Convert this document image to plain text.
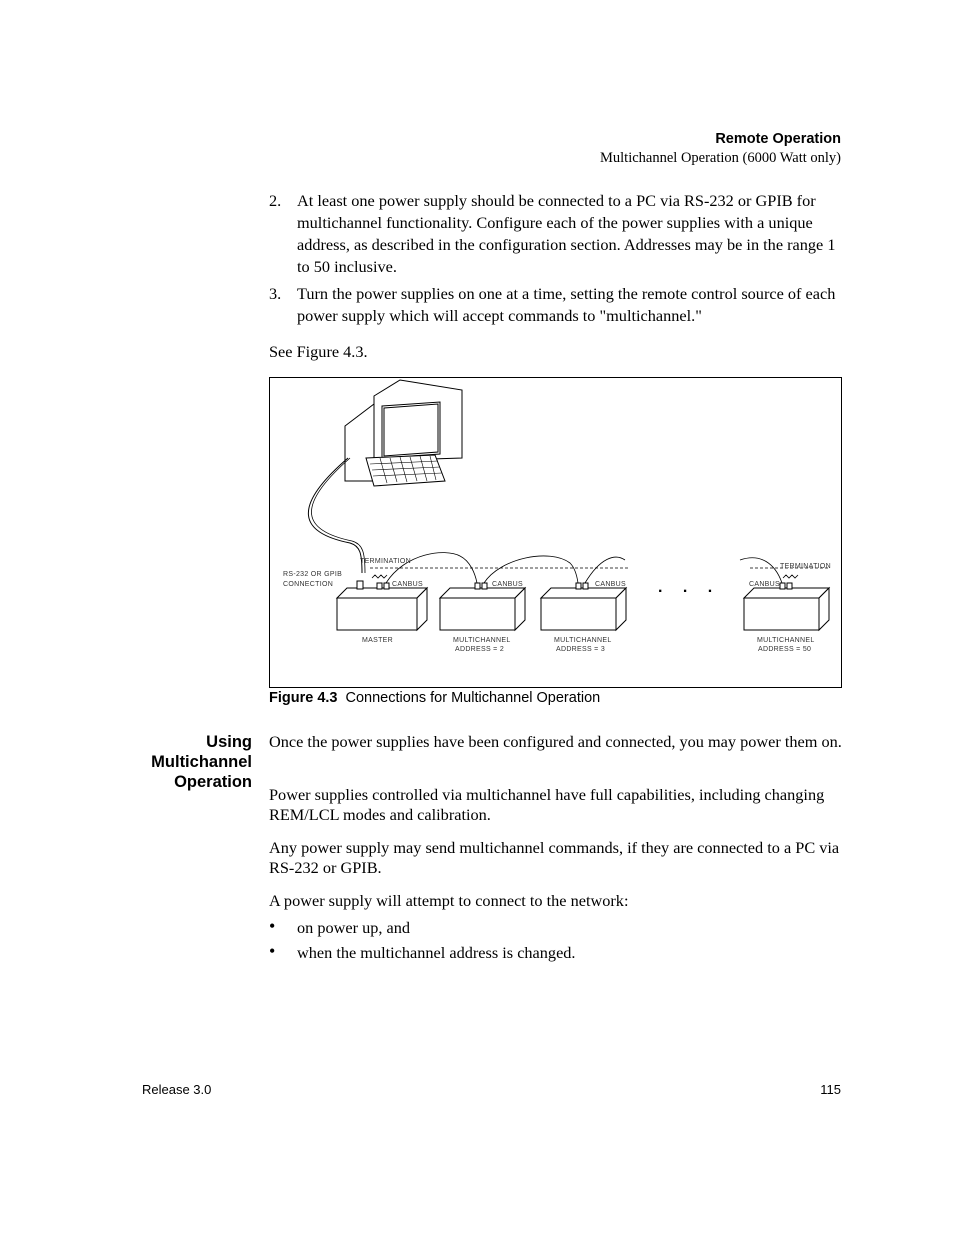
Remote Operation
Multichannel Operation (6000 Watt only)
2. At least one power supply should be connected to a PC via RS-232 or GPIB for multichannel functionality. Configure each of the power supplies with a unique address, as described in the configuration section. Addresses may be in the range 1 to 50 inclusive.
3. Turn the power supplies on one at a time, setting the remote control source of each power supply which will accept commands to "multichannel."
See Figure 4.3.
TERMINATION
TERMINATION
RS-232 OR GPIB
CONNECTION	CANBUS	CANBUS	CANBUS	CANBUS
. . .
MASTER	MULTICHANNEL
ADDRESS = 2
MULTICHANNEL
ADDRESS = 3
MULTICHANNEL
ADDRESS = 50
Figure 4.3 Connections for Multichannel Operation
Using
Multichannel
Operation
Once the power supplies have been configured and connected, you may power them on.
Power supplies controlled via multichannel have full capabilities, including changing REM/LCL modes and calibration.
Any power supply may send multichannel commands, if they are connected to a PC via RS-232 or GPIB.
A power supply will attempt to connect to the network:
• on power up, and
• when the multichannel address is changed.
Release 3.0	115
